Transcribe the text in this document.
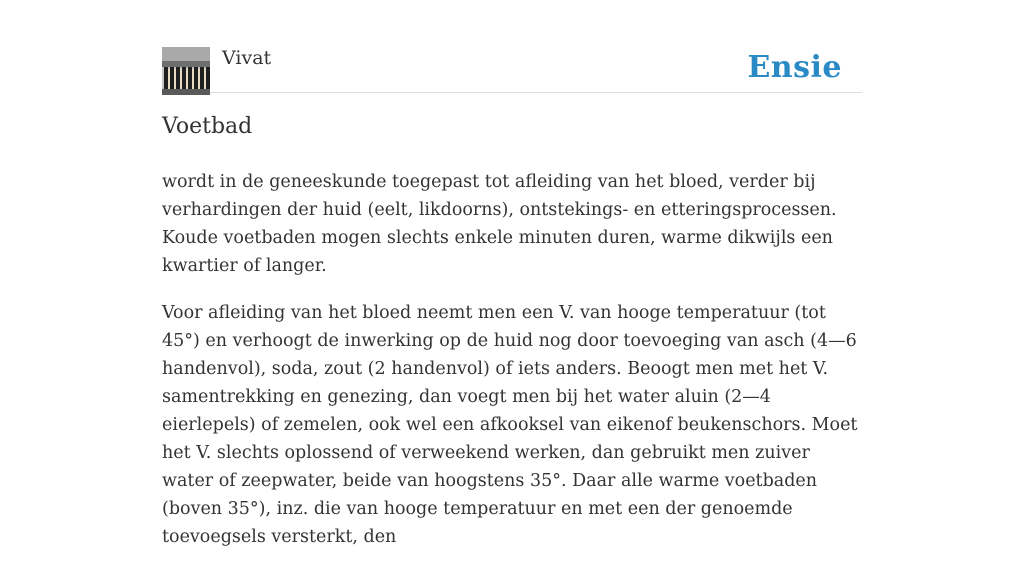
Vivat	Ensie
Voetbad

wordt in de geneeskunde toegepast tot afleiding van het bloed, verder bij verhardingen der huid (eelt, likdoorns), ontstekings- en etteringsprocessen. Koude voetbaden mogen slechts enkele minuten duren, warme dikwijls een kwartier of langer.

Voor afleiding van het bloed neemt men een V. van hooge temperatuur (tot 45°) en verhoogt de inwerking op de huid nog door toevoeging van asch (4—6 handenvol), soda, zout (2 handenvol) of iets anders. Beoogt men met het V. samentrekking en genezing, dan voegt men bij het water aluin (2—4 eierlepels) of zemelen, ook wel een afkooksel van eikenof beukenschors. Moet het V. slechts oplossend of verweekend werken, dan gebruikt men zuiver water of zeepwater, beide van hoogstens 35°. Daar alle warme voetbaden (boven 35°), inz. die van hooge temperatuur en met een der genoemde toevoegsels versterkt, den
